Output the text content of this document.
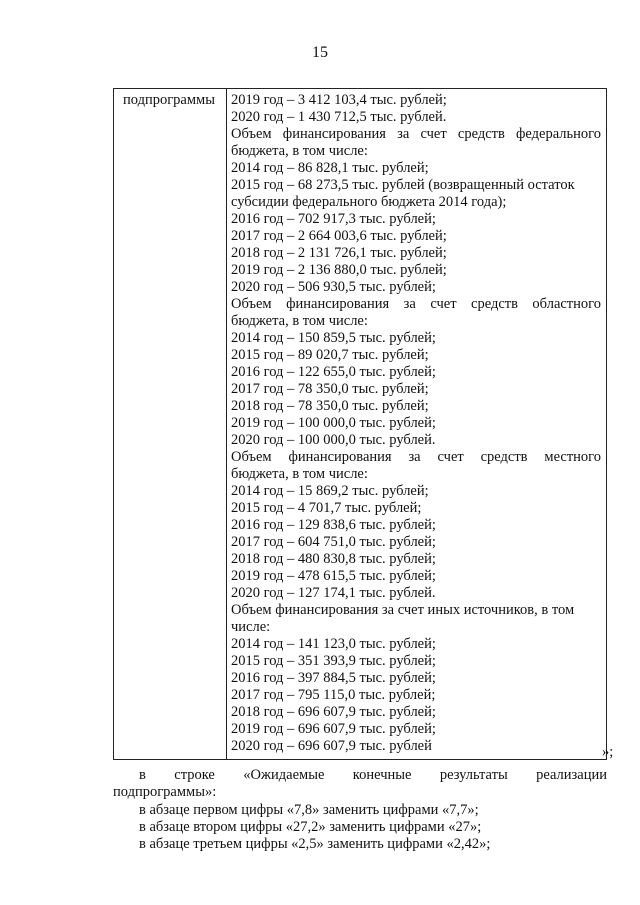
15
подпрограммы 2019 год – 3 412 103,4 тыс. рублей;
2020 год – 1 430 712,5 тыс. рублей.
Объем финансирования за счет средств федерального
бюджета, в том числе:
2014 год – 86 828,1 тыс. рублей;
2015 год – 68 273,5 тыс. рублей (возвращенный остаток
субсидии федерального бюджета 2014 года);
2016 год – 702 917,3 тыс. рублей;
2017 год – 2 664 003,6 тыс. рублей;
2018 год – 2 131 726,1 тыс. рублей;
2019 год – 2 136 880,0 тыс. рублей;
2020 год – 506 930,5 тыс. рублей;
Объем финансирования за счет средств областного
бюджета, в том числе:
2014 год – 150 859,5 тыс. рублей;
2015 год – 89 020,7 тыс. рублей;
2016 год – 122 655,0 тыс. рублей;
2017 год – 78 350,0 тыс. рублей;
2018 год – 78 350,0 тыс. рублей;
2019 год – 100 000,0 тыс. рублей;
2020 год – 100 000,0 тыс. рублей.
Объем финансирования за счет средств местного
бюджета, в том числе:
2014 год – 15 869,2 тыс. рублей;
2015 год – 4 701,7 тыс. рублей;
2016 год – 129 838,6 тыс. рублей;
2017 год – 604 751,0 тыс. рублей;
2018 год – 480 830,8 тыс. рублей;
2019 год – 478 615,5 тыс. рублей;
2020 год – 127 174,1 тыс. рублей.
Объем финансирования за счет иных источников, в том
числе:
2014 год – 141 123,0 тыс. рублей;
2015 год – 351 393,9 тыс. рублей;
2016 год – 397 884,5 тыс. рублей;
2017 год – 795 115,0 тыс. рублей;
2018 год – 696 607,9 тыс. рублей;
2019 год – 696 607,9 тыс. рублей;
2020 год – 696 607,9 тыс. рублей	»;
в строке «Ожидаемые конечные результаты реализации
подпрограммы»:
в абзаце первом цифры «7,8» заменить цифрами «7,7»;
в абзаце втором цифры «27,2» заменить цифрами «27»;
в абзаце третьем цифры «2,5» заменить цифрами «2,42»;
